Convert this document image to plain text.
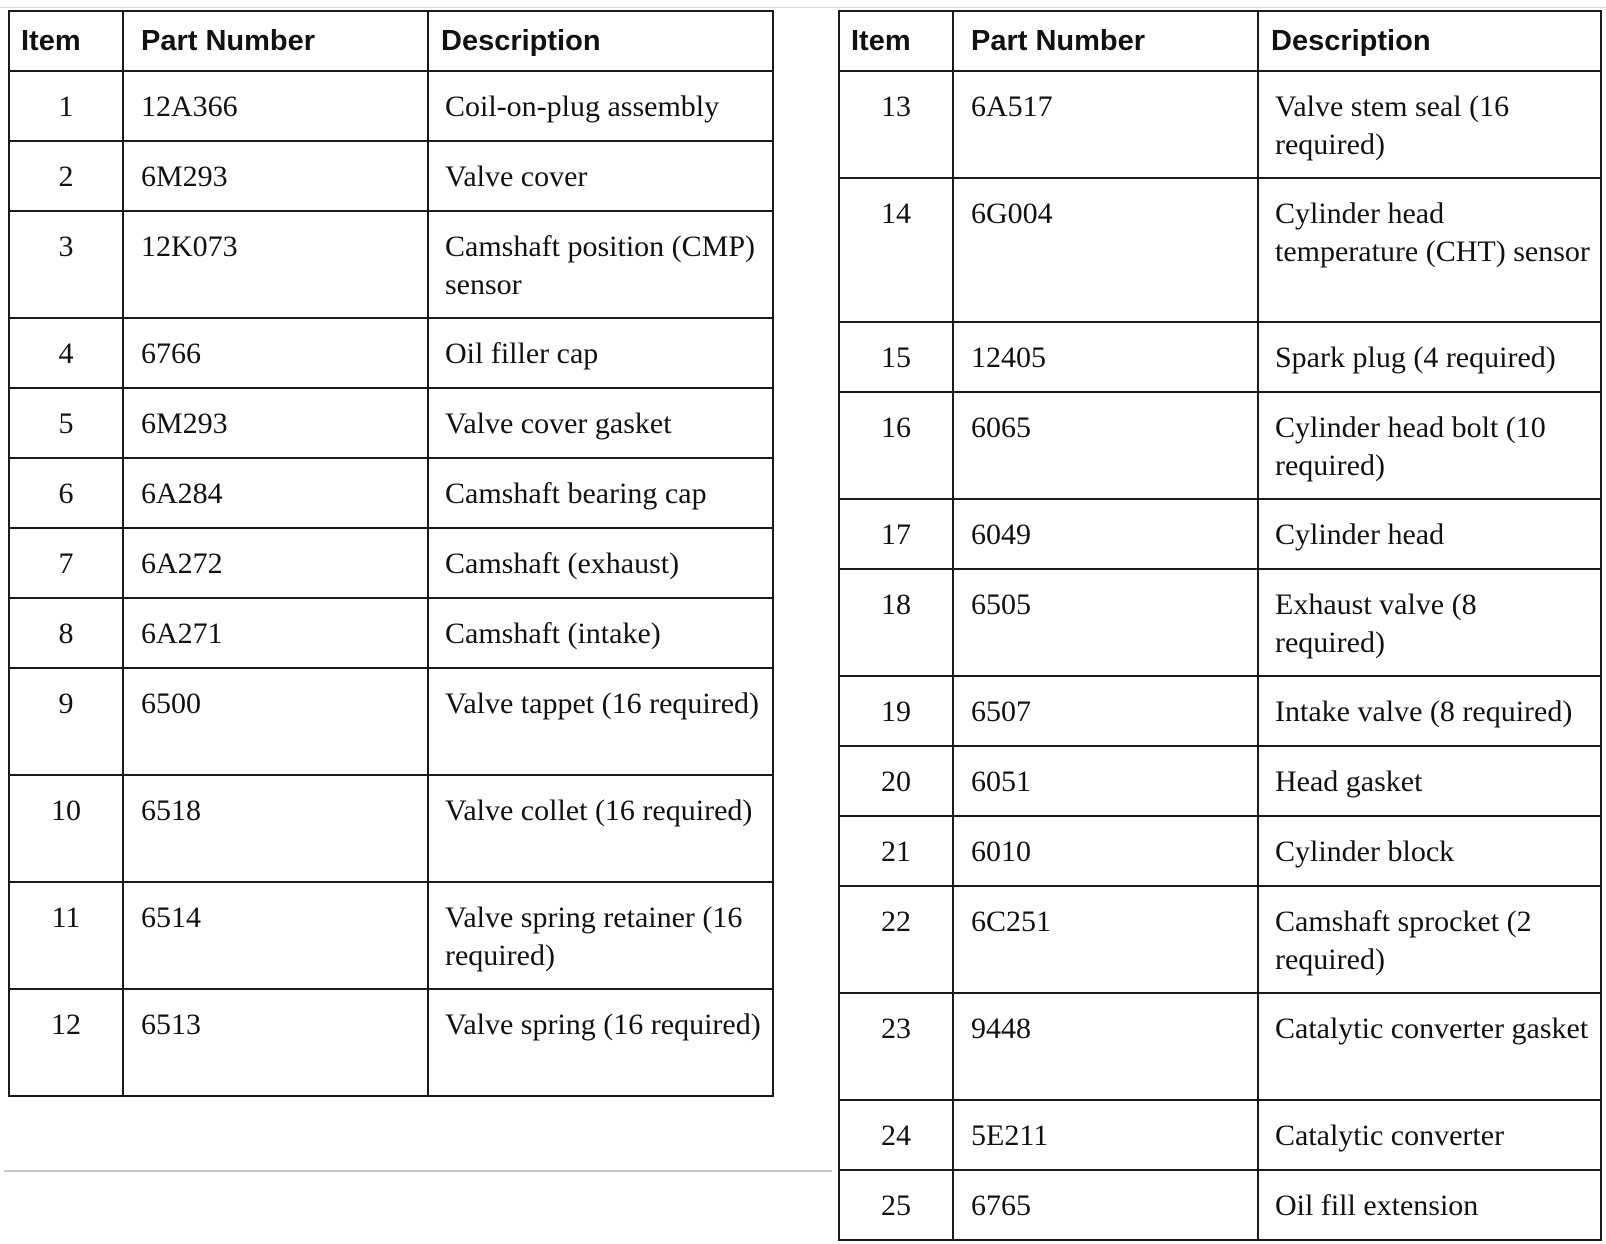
Item	Part Number	Description
1	12A366	Coil-on-plug assembly
2	6M293	Valve cover
3	12K073	Camshaft position (CMP) sensor
4	6766	Oil filler cap
5	6M293	Valve cover gasket
6	6A284	Camshaft bearing cap
7	6A272	Camshaft (exhaust)
8	6A271	Camshaft (intake)
9	6500	Valve tappet (16 required)
10	6518	Valve collet (16 required)
11	6514	Valve spring retainer (16 required)
12	6513	Valve spring (16 required)
Item	Part Number	Description
13	6A517	Valve stem seal (16 required)
14	6G004	Cylinder head temperature (CHT) sensor
15	12405	Spark plug (4 required)
16	6065	Cylinder head bolt (10 required)
17	6049	Cylinder head
18	6505	Exhaust valve (8 required)
19	6507	Intake valve (8 required)
20	6051	Head gasket
21	6010	Cylinder block
22	6C251	Camshaft sprocket (2 required)
23	9448	Catalytic converter gasket
24	5E211	Catalytic converter
25	6765	Oil fill extension
